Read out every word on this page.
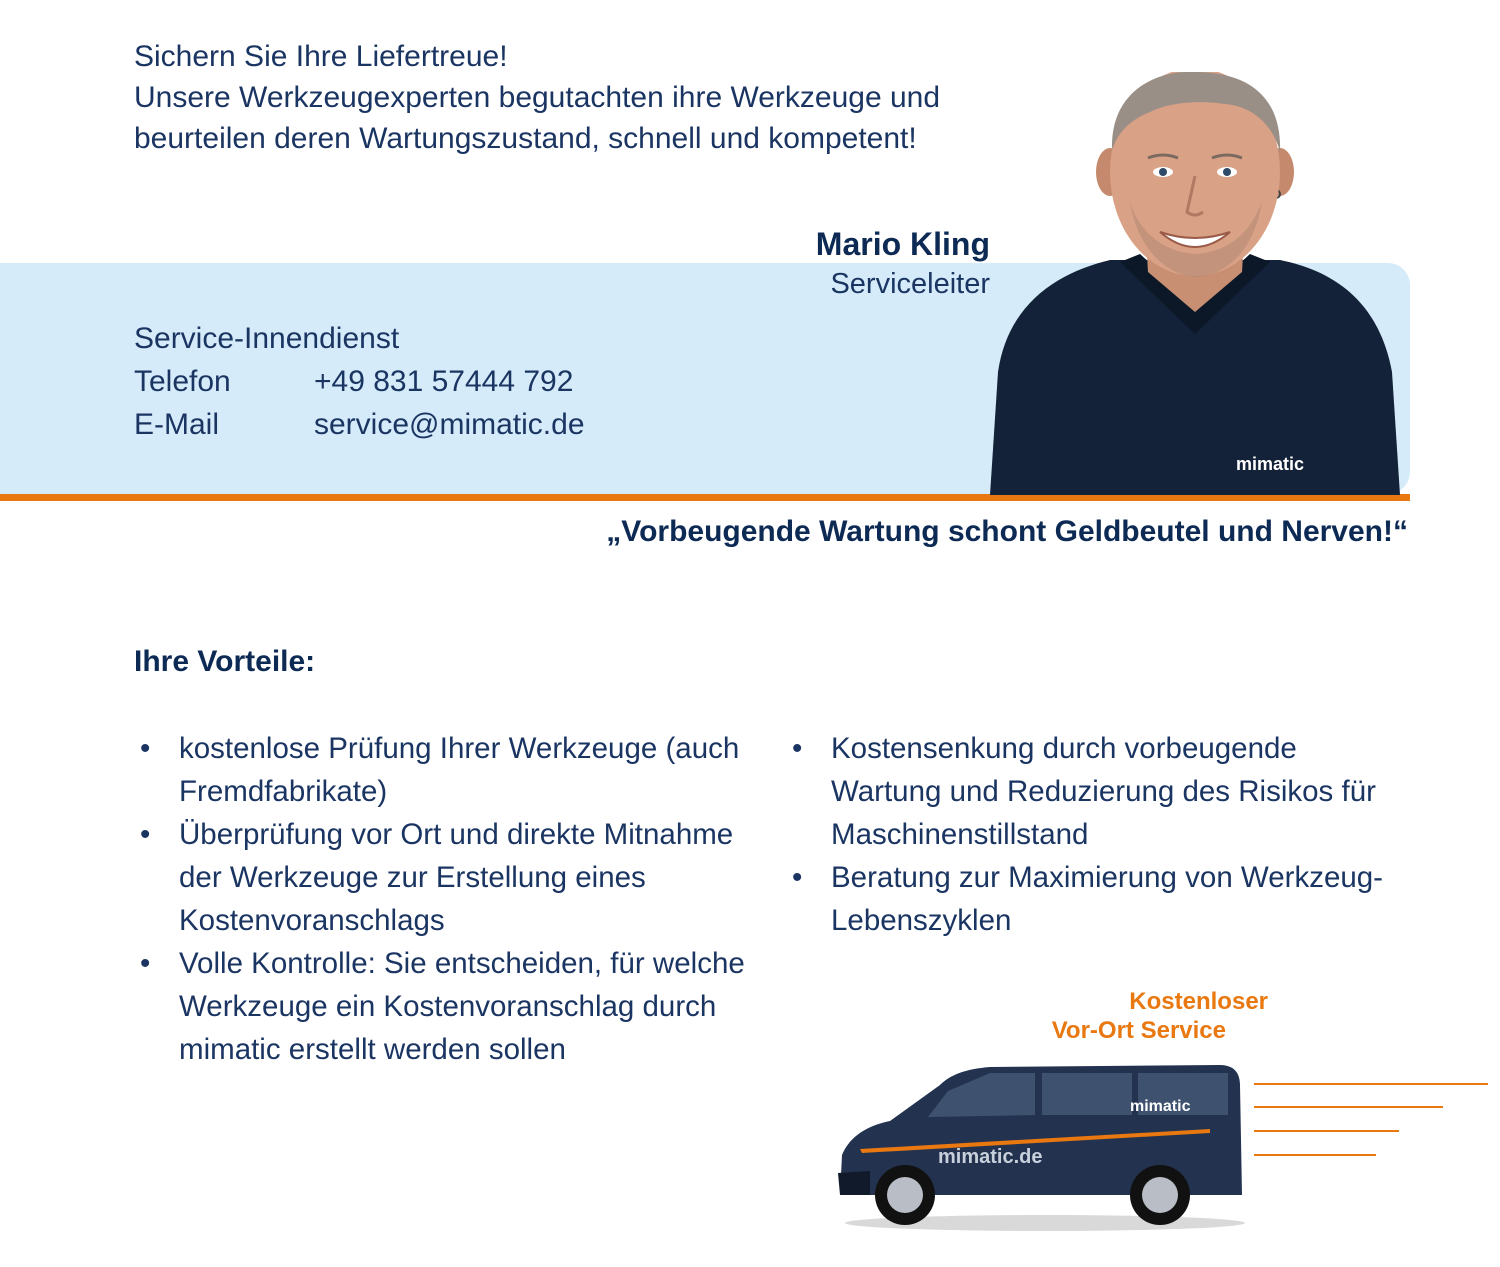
Sichern Sie Ihre Liefertreue!
Unsere Werkzeugexperten begutachten ihre Werkzeuge und
beurteilen deren Wartungszustand, schnell und kompetent!
Mario Kling
Serviceleiter
Service-Innendienst
Telefon	+49 831 57444 792
E-Mail	service@mimatic.de
mimatic
„Vorbeugende Wartung schont Geldbeutel und Nerven!“
Ihre Vorteile:
• kostenlose Prüfung Ihrer Werkzeuge (auch Fremdfabrikate)
• Überprüfung vor Ort und direkte Mitnahme der Werkzeuge zur Erstellung eines Kostenvoranschlags
• Volle Kontrolle: Sie entscheiden, für welche Werkzeuge ein Kostenvoranschlag durch mimatic erstellt werden sollen
• Kostensenkung durch vorbeugende Wartung und Reduzierung des Risikos für Maschinenstillstand
• Beratung zur Maximierung von Werkzeug-Lebenszyklen
Kostenloser
Vor-Ort Service
mimatic
mimatic.de
